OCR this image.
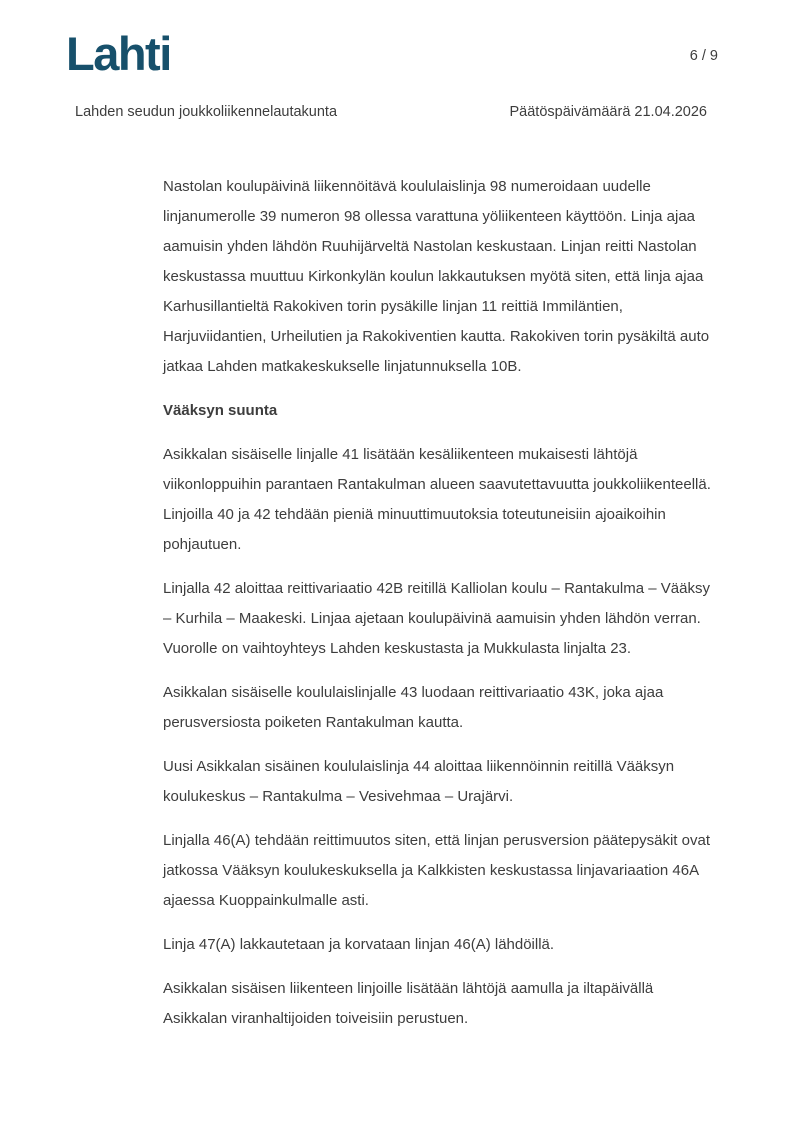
Lahti	6 / 9
Lahden seudun joukkoliikennelautakunta	Päätöspäivämäärä 21.04.2026
Nastolan koulupäivinä liikennöitävä koululaislinja 98 numeroidaan uudelle linjanumerolle 39 numeron 98 ollessa varattuna yöliikenteen käyttöön. Linja ajaa aamuisin yhden lähdön Ruuhijärveltä Nastolan keskustaan. Linjan reitti Nastolan keskustassa muuttuu Kirkonkylän koulun lakkautuksen myötä siten, että linja ajaa Karhusillantieltä Rakokiven torin pysäkille linjan 11 reittiä Immiläntien, Harjuviidantien, Urheilutien ja Rakokiventien kautta. Rakokiven torin pysäkiltä auto jatkaa Lahden matkakeskukselle linjatunnuksella 10B.
Vääksyn suunta
Asikkalan sisäiselle linjalle 41 lisätään kesäliikenteen mukaisesti lähtöjä viikonloppuihin parantaen Rantakulman alueen saavutettavuutta joukkoliikenteellä. Linjoilla 40 ja 42 tehdään pieniä minuuttimuutoksia toteutuneisiin ajoaikoihin pohjautuen.
Linjalla 42 aloittaa reittivariaatio 42B reitillä Kalliolan koulu – Rantakulma – Vääksy – Kurhila – Maakeski. Linjaa ajetaan koulupäivinä aamuisin yhden lähdön verran. Vuorolle on vaihtoyhteys Lahden keskustasta ja Mukkulasta linjalta 23.
Asikkalan sisäiselle koululaislinjalle 43 luodaan reittivariaatio 43K, joka ajaa perusversiosta poiketen Rantakulman kautta.
Uusi Asikkalan sisäinen koululaislinja 44 aloittaa liikennöinnin reitillä Vääksyn koulukeskus – Rantakulma – Vesivehmaa – Urajärvi.
Linjalla 46(A) tehdään reittimuutos siten, että linjan perusversion päätepysäkit ovat jatkossa Vääksyn koulukeskuksella ja Kalkkisten keskustassa linjavariaation 46A ajaessa Kuoppainkulmalle asti.
Linja 47(A) lakkautetaan ja korvataan linjan 46(A) lähdöillä.
Asikkalan sisäisen liikenteen linjoille lisätään lähtöjä aamulla ja iltapäivällä Asikkalan viranhaltijoiden toiveisiin perustuen.
